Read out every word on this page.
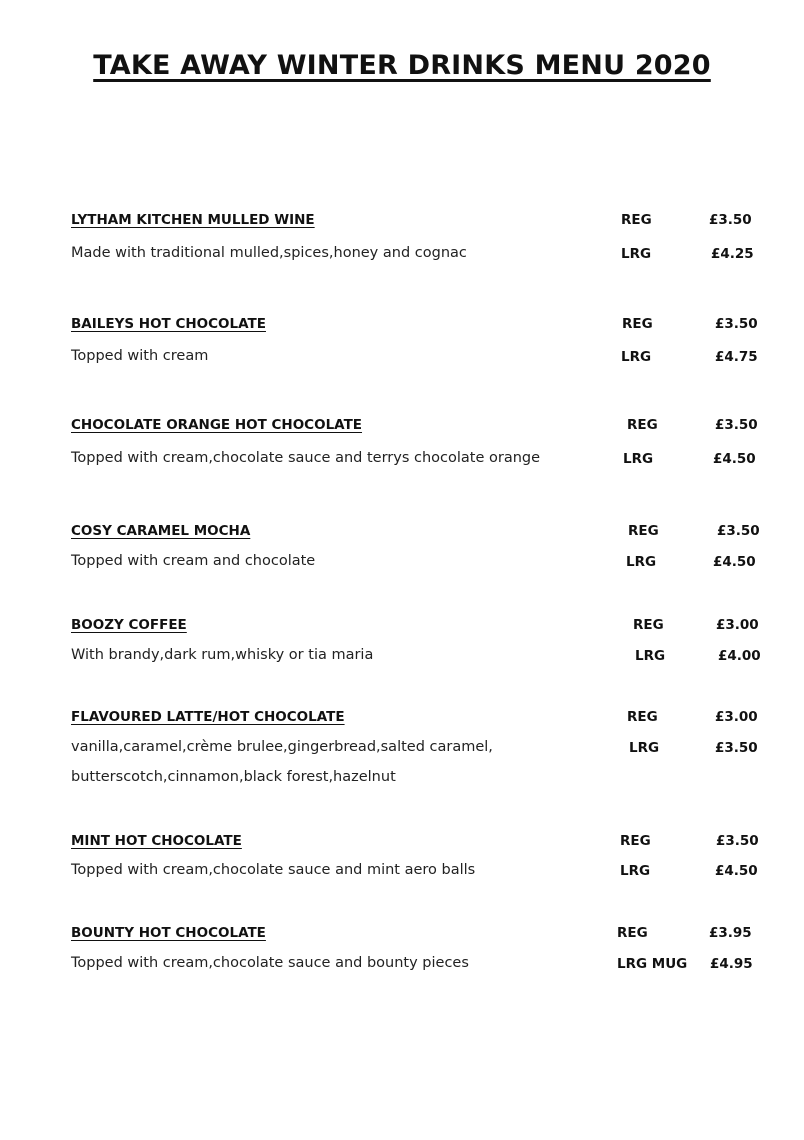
TAKE AWAY WINTER DRINKS MENU 2020
LYTHAM KITCHEN MULLED WINE	REG	£3.50
Made with traditional mulled,spices,honey and cognac	LRG	£4.25
BAILEYS HOT CHOCOLATE	REG	£3.50
Topped with cream	LRG	£4.75
CHOCOLATE ORANGE HOT CHOCOLATE	REG	£3.50
Topped with cream,chocolate sauce and terrys chocolate orange	LRG	£4.50
COSY CARAMEL MOCHA	REG	£3.50
Topped with cream and chocolate	LRG	£4.50
BOOZY COFFEE	REG	£3.00
With brandy,dark rum,whisky or tia maria	LRG	£4.00
FLAVOURED LATTE/HOT CHOCOLATE	REG	£3.00
vanilla,caramel,crème brulee,gingerbread,salted caramel,	LRG	£3.50
butterscotch,cinnamon,black forest,hazelnut
MINT HOT CHOCOLATE	REG	£3.50
Topped with cream,chocolate sauce and mint aero balls	LRG	£4.50
BOUNTY HOT CHOCOLATE	REG	£3.95
Topped with cream,chocolate sauce and bounty pieces	LRG MUG £4.95
